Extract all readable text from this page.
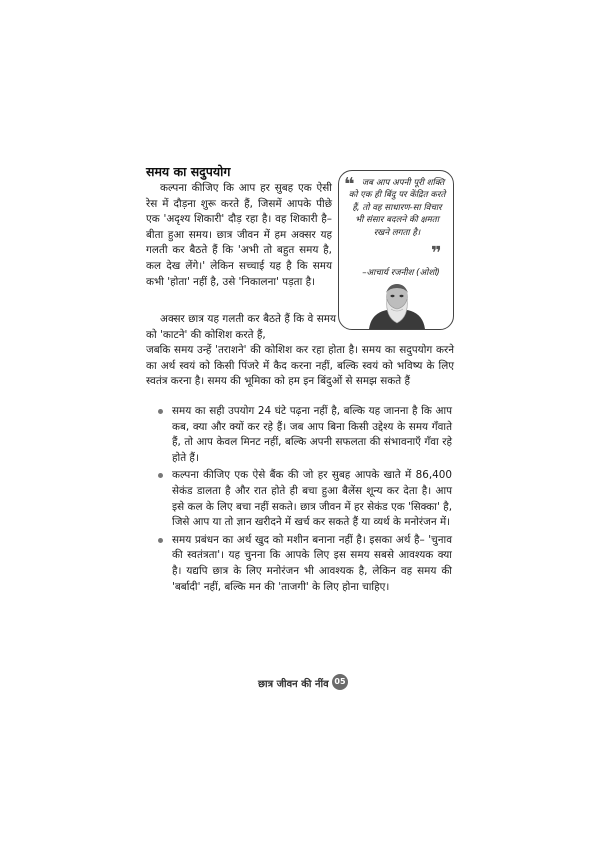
समय का सदुपयोग

कल्पना कीजिए कि आप हर सुबह एक ऐसी रेस में दौड़ना शुरू करते हैं, जिसमें आपके पीछे एक 'अदृश्य शिकारी' दौड़ रहा है। वह शिकारी है–बीता हुआ समय। छात्र जीवन में हम अक्सर यह गलती कर बैठते हैं कि 'अभी तो बहुत समय है, कल देख लेंगे।' लेकिन सच्चाई यह है कि समय कभी 'होता' नहीं है, उसे 'निकालना' पड़ता है।

❝ जब आप अपनी पूरी शक्ति को एक ही बिंदु पर केंद्रित करते हैं, तो वह साधारण-सा विचार भी संसार बदलने की क्षमता रखने लगता है।

❞
–आचार्य रजनीश (ओशो)

अक्सर छात्र यह गलती कर बैठते हैं कि वे समय को 'काटने' की कोशिश करते हैं,

जबकि समय उन्हें 'तराशने' की कोशिश कर रहा होता है। समय का सदुपयोग करने का अर्थ स्वयं को किसी पिंजरे में कैद करना नहीं, बल्कि स्वयं को भविष्य के लिए स्वतंत्र करना है। समय की भूमिका को हम इन बिंदुओं से समझ सकते हैं

समय का सही उपयोग 24 घंटे पढ़ना नहीं है, बल्कि यह जानना है कि आप कब, क्या और क्यों कर रहे हैं। जब आप बिना किसी उद्देश्य के समय गँवाते हैं, तो आप केवल मिनट नहीं, बल्कि अपनी सफलता की संभावनाएँ गँवा रहे होते हैं।
कल्पना कीजिए एक ऐसे बैंक की जो हर सुबह आपके खाते में 86,400 सेकंड डालता है और रात होते ही बचा हुआ बैलेंस शून्य कर देता है। आप इसे कल के लिए बचा नहीं सकते। छात्र जीवन में हर सेकंड एक 'सिक्का' है, जिसे आप या तो ज्ञान खरीदने में खर्च कर सकते हैं या व्यर्थ के मनोरंजन में।
समय प्रबंधन का अर्थ खुद को मशीन बनाना नहीं है। इसका अर्थ है– 'चुनाव की स्वतंत्रता'। यह चुनना कि आपके लिए इस समय सबसे आवश्यक क्या है। यद्यपि छात्र के लिए मनोरंजन भी आवश्यक है, लेकिन वह समय की 'बर्बादी' नहीं, बल्कि मन की 'ताजगी' के लिए होना चाहिए।
छात्र जीवन की नींव 05
